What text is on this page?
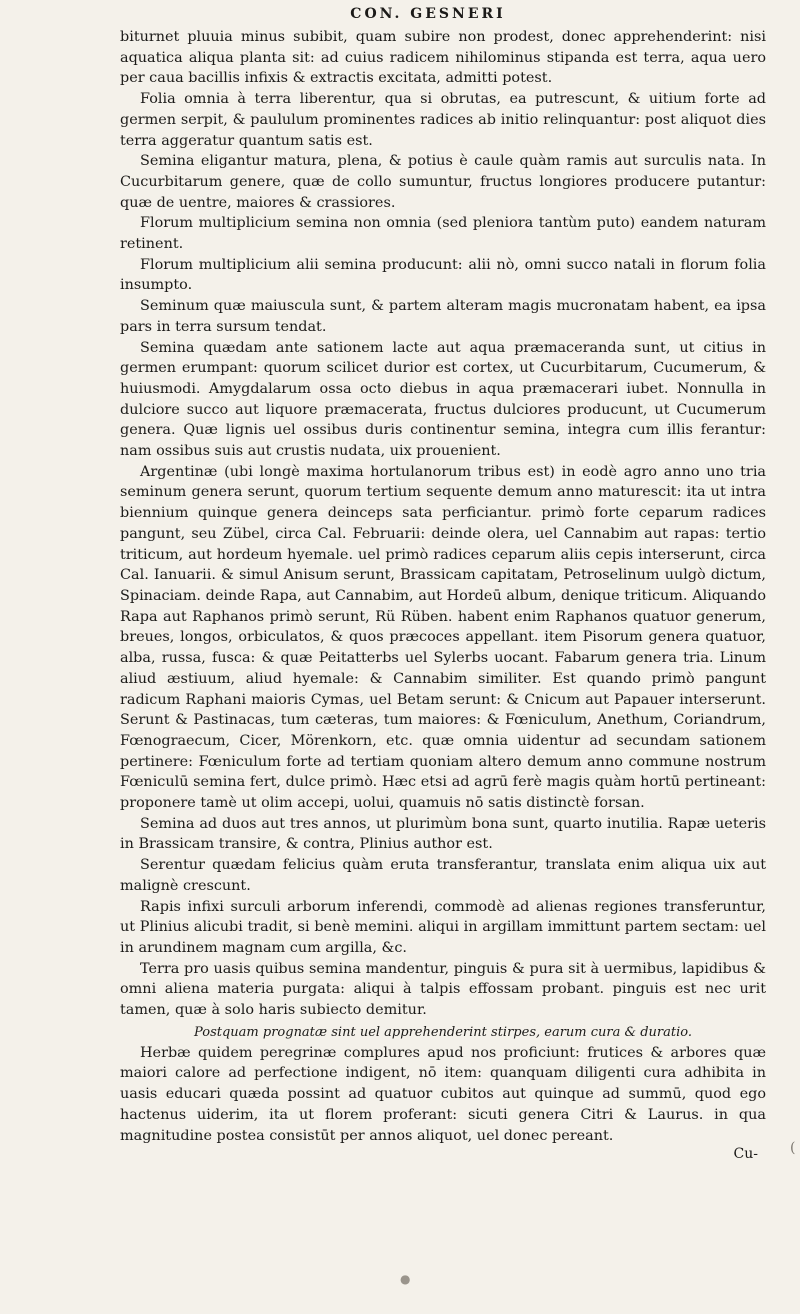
CON. GESNERI

biturnet pluuia minus subibit, quam subire non prodest, donec apprehenderint: nisi aquatica aliqua planta sit: ad cuius radicem nihilominus stipanda est terra, aqua uero per caua bacillis infixis & extractis excitata, admitti potest.

Folia omnia à terra liberentur, qua si obrutas, ea putrescunt, & uitium forte ad germen serpit, & paululum prominentes radices ab initio relinquantur: post aliquot dies terra aggeratur quantum satis est.

Semina eligantur matura, plena, & potius è caule quàm ramis aut surculis nata. In Cucurbitarum genere, quæ de collo sumuntur, fructus longiores producere putantur: quæ de uentre, maiores & crassiores.

Florum multiplicium semina non omnia (sed pleniora tantùm puto) eandem naturam retinent.

Florum multiplicium alii semina producunt: alii nò, omni succo natali in florum folia insumpto.

Seminum quæ maiuscula sunt, & partem alteram magis mucronatam habent, ea ipsa pars in terra sursum tendat.

Semina quædam ante sationem lacte aut aqua præmaceranda sunt, ut citius in germen erumpant: quorum scilicet durior est cortex, ut Cucurbitarum, Cucumerum, & huiusmodi. Amygdalarum ossa octo diebus in aqua præmacerari iubet. Nonnulla in dulciore succo aut liquore præmacerata, fructus dulciores producunt, ut Cucumerum genera. Quæ lignis uel ossibus duris continentur semina, integra cum illis ferantur: nam ossibus suis aut crustis nudata, uix prouenient.

Argentinæ (ubi longè maxima hortulanorum tribus est) in eodè agro anno uno tria seminum genera serunt, quorum tertium sequente demum anno maturescit: ita ut intra biennium quinque genera deinceps sata perficiantur. primò forte ceparum radices pangunt, seu Zübel, circa Cal. Februarii: deinde olera, uel Cannabim aut rapas: tertio triticum, aut hordeum hyemale. uel primò radices ceparum aliis cepis interserunt, circa Cal. Ianuarii. & simul Anisum serunt, Brassicam capitatam, Petroselinum uulgò dictum, Spinaciam. deinde Rapa, aut Cannabim, aut Hordeū album, denique triticum. Aliquando Rapa aut Raphanos primò serunt, Rü Rüben. habent enim Raphanos quatuor generum, breues, longos, orbiculatos, & quos præcoces appellant. item Pisorum genera quatuor, alba, russa, fusca: & quæ Peitatterbs uel Sylerbs uocant. Fabarum genera tria. Linum aliud æstiuum, aliud hyemale: & Cannabim similiter. Est quando primò pangunt radicum Raphani maioris Cymas, uel Betam serunt: & Cnicum aut Papauer interserunt. Serunt & Pastinacas, tum cæteras, tum maiores: & Fœniculum, Anethum, Coriandrum, Fœnograecum, Cicer, Mörenkorn, etc. quæ omnia uidentur ad secundam sationem pertinere: Fœniculum forte ad tertiam quoniam altero demum anno commune nostrum Fœniculū semina fert, dulce primò. Hæc etsi ad agrū ferè magis quàm hortū pertineant: proponere tamè ut olim accepi, uolui, quamuis nō satis distinctè forsan.

Semina ad duos aut tres annos, ut plurimùm bona sunt, quarto inutilia. Rapæ ueteris in Brassicam transire, & contra, Plinius author est.

Serentur quædam felicius quàm eruta transferantur, translata enim aliqua uix aut malignè crescunt.

Rapis infixi surculi arborum inferendi, commodè ad alienas regiones transferuntur, ut Plinius alicubi tradit, si benè memini. aliqui in argillam immittunt partem sectam: uel in arundinem magnam cum argilla, &c.

Terra pro uasis quibus semina mandentur, pinguis & pura sit à uermibus, lapidibus & omni aliena materia purgata: aliqui à talpis effossam probant. pinguis est nec urit tamen, quæ à solo haris subiecto demitur.

Postquam prognatæ sint uel apprehenderint stirpes, earum cura & duratio.

Herbæ quidem peregrinæ complures apud nos proficiunt: frutices & arbores quæ maiori calore ad perfectione indigent, nō item: quanquam diligenti cura adhibita in uasis educari quæda possint ad quatuor cubitos aut quinque ad summū, quod ego hactenus uiderim, ita ut florem proferant: sicuti genera Citri & Laurus. in qua magnitudine postea consistūt per annos aliquot, uel donec pereant.

Cu-
●
(
